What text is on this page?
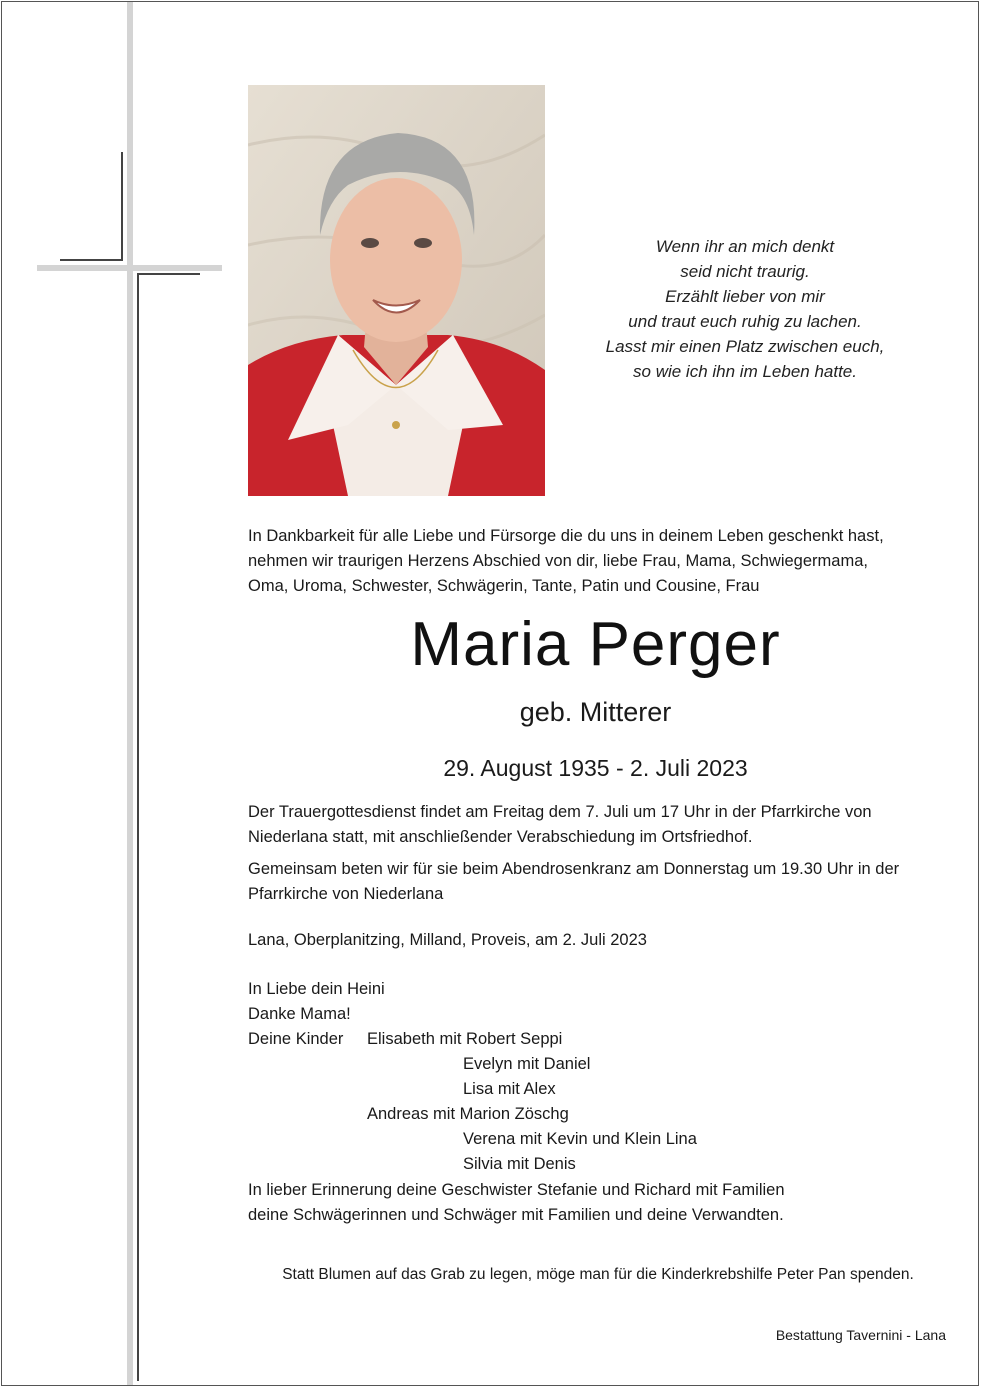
Wenn ihr an mich denkt
seid nicht traurig.
Erzählt lieber von mir
und traut euch ruhig zu lachen.
Lasst mir einen Platz zwischen euch,
so wie ich ihn im Leben hatte.
In Dankbarkeit für alle Liebe und Fürsorge die du uns in deinem Leben geschenkt hast,
nehmen wir traurigen Herzens Abschied von dir, liebe Frau, Mama, Schwiegermama,
Oma, Uroma, Schwester, Schwägerin, Tante, Patin und Cousine, Frau
Maria Perger
geb. Mitterer
29. August 1935 - 2. Juli 2023
Der Trauergottesdienst findet am Freitag dem 7. Juli um 17 Uhr in der Pfarrkirche von
Niederlana statt, mit anschließender Verabschiedung im Ortsfriedhof.
Gemeinsam beten wir für sie beim Abendrosenkranz am Donnerstag um 19.30 Uhr in der
Pfarrkirche von Niederlana
Lana, Oberplanitzing, Milland, Proveis, am 2. Juli 2023
In Liebe dein Heini
Danke Mama!
Deine Kinder Elisabeth mit Robert Seppi
Evelyn mit Daniel
Lisa mit Alex
Andreas mit Marion Zöschg
Verena mit Kevin und Klein Lina
Silvia mit Denis
In lieber Erinnerung deine Geschwister Stefanie und Richard mit Familien
deine Schwägerinnen und Schwäger mit Familien und deine Verwandten.
Statt Blumen auf das Grab zu legen, möge man für die Kinderkrebshilfe Peter Pan spenden.
Bestattung Tavernini - Lana
